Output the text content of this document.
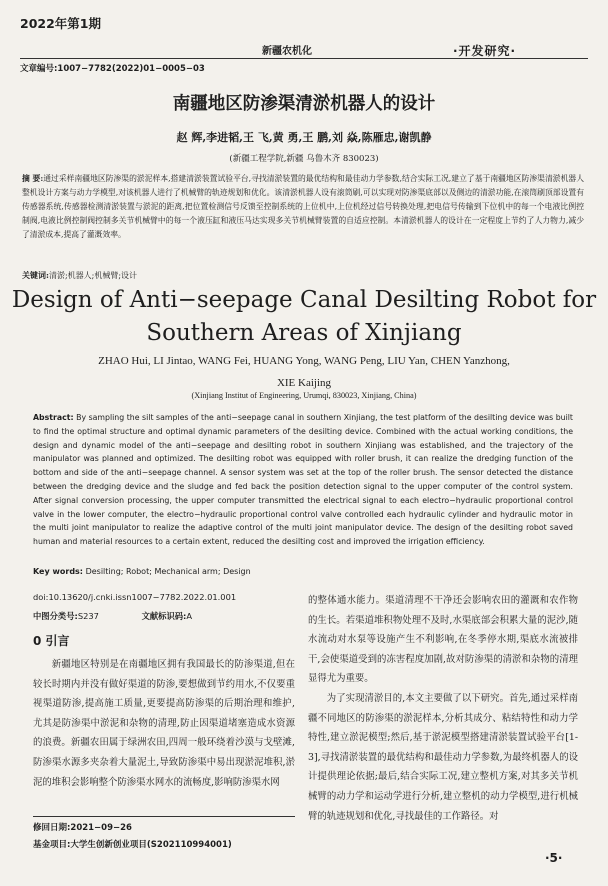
2022年第1期
新疆农机化	·开发研究·
文章编号:1007−7782(2022)01−0005−03
南疆地区防渗渠清淤机器人的设计
赵 辉,李进韬,王 飞,黄 勇,王 鹏,刘 焱,陈雁忠,谢凯静
(新疆工程学院,新疆 乌鲁木齐 830023)
摘 要:通过采样南疆地区防渗渠的淤泥样本,搭建清淤装置试验平台,寻找清淤装置的最优结构和最佳动力学参数,结合实际工况,建立了基于南疆地区防渗渠清淤机器人整机设计方案与动力学模型,对该机器人进行了机械臂的轨迹规划和优化。该清淤机器人设有滚筒刷,可以实现对防渗渠底部以及侧边的清淤功能,在滚筒刷顶部设置有传感器系统,传感器检测清淤装置与淤泥的距离,把位置检测信号反馈至控制系统的上位机中,上位机经过信号转换处理,把电信号传输到下位机中的每一个电液比例控制阀,电液比例控制阀控制多关节机械臂中的每一个液压缸和液压马达实现多关节机械臂装置的自适应控制。本清淤机器人的设计在一定程度上节约了人力物力,减少了清淤成本,提高了灌溉效率。
关键词:清淤;机器人;机械臂;设计
Design of Anti−seepage Canal Desilting Robot for
Southern Areas of Xinjiang
ZHAO Hui, LI Jintao, WANG Fei, HUANG Yong, WANG Peng, LIU Yan, CHEN Yanzhong,
XIE Kaijing
(Xinjiang Institut of Engineering, Urumqi, 830023, Xinjiang, China)
Abstract: By sampling the silt samples of the anti−seepage canal in southern Xinjiang, the test platform of the desilting device was built to find the optimal structure and optimal dynamic parameters of the desilting device. Combined with the actual working conditions, the design and dynamic model of the anti−seepage and desilting robot in southern Xinjiang was established, and the trajectory of the manipulator was planned and optimized. The desilting robot was equipped with roller brush, it can realize the dredging function of the bottom and side of the anti−seepage channel. A sensor system was set at the top of the roller brush. The sensor detected the distance between the dredging device and the sludge and fed back the position detection signal to the upper computer of the control system. After signal conversion processing, the upper computer transmitted the electrical signal to each electro−hydraulic proportional control valve in the lower computer, the electro−hydraulic proportional control valve controlled each hydraulic cylinder and hydraulic motor in the multi joint manipulator to realize the adaptive control of the multi joint manipulator device. The design of the desilting robot saved human and material resources to a certain extent, reduced the desilting cost and improved the irrigation efficiency.
Key words: Desilting; Robot; Mechanical arm; Design
doi:10.13620/j.cnki.issn1007−7782.2022.01.001
中图分类号:S237	文献标识码:A
0 引言

新疆地区特别是在南疆地区拥有我国最长的防渗渠道,但在较长时期内并没有做好渠道的防渗,要想做到节约用水,不仅要重视渠道防渗,提高施工质量,更要提高防渗渠的后期治理和维护,尤其是防渗渠中淤泥和杂物的清理,防止因渠道堵塞造成水资源的浪费。新疆农田属于绿洲农田,四周一般环绕着沙漠与戈壁滩,防渗渠水源多夹杂着大量泥土,导致防渗渠中易出现淤泥堆积,淤泥的堆积会影响整个防渗渠水网水的流畅度,影响防渗渠水网

修回日期:2021−09−26
基金项目:大学生创新创业项目(S202110994001)

的整体通水能力。渠道清理不干净还会影响农田的灌溉和农作物的生长。若渠道堆积物处理不及时,水渠底部会积累大量的泥沙,随水流动对水泵等设施产生不利影响,在冬季停水期,渠底水流被排干,会使渠道受到的冻害程度加剧,故对防渗渠的清淤和杂物的清理显得尤为重要。

为了实现清淤目的,本文主要做了以下研究。首先,通过采样南疆不同地区的防渗渠的淤泥样本,分析其成分、粘结特性和动力学特性,建立淤泥模型;然后,基于淤泥模型搭建清淤装置试验平台[1-3],寻找清淤装置的最优结构和最佳动力学参数,为最终机器人的设计提供理论依据;最后,结合实际工况,建立整机方案,对其多关节机械臂的动力学和运动学进行分析,建立整机的动力学模型,进行机械臂的轨迹规划和优化,寻找最佳的工作路径。对

·5·
